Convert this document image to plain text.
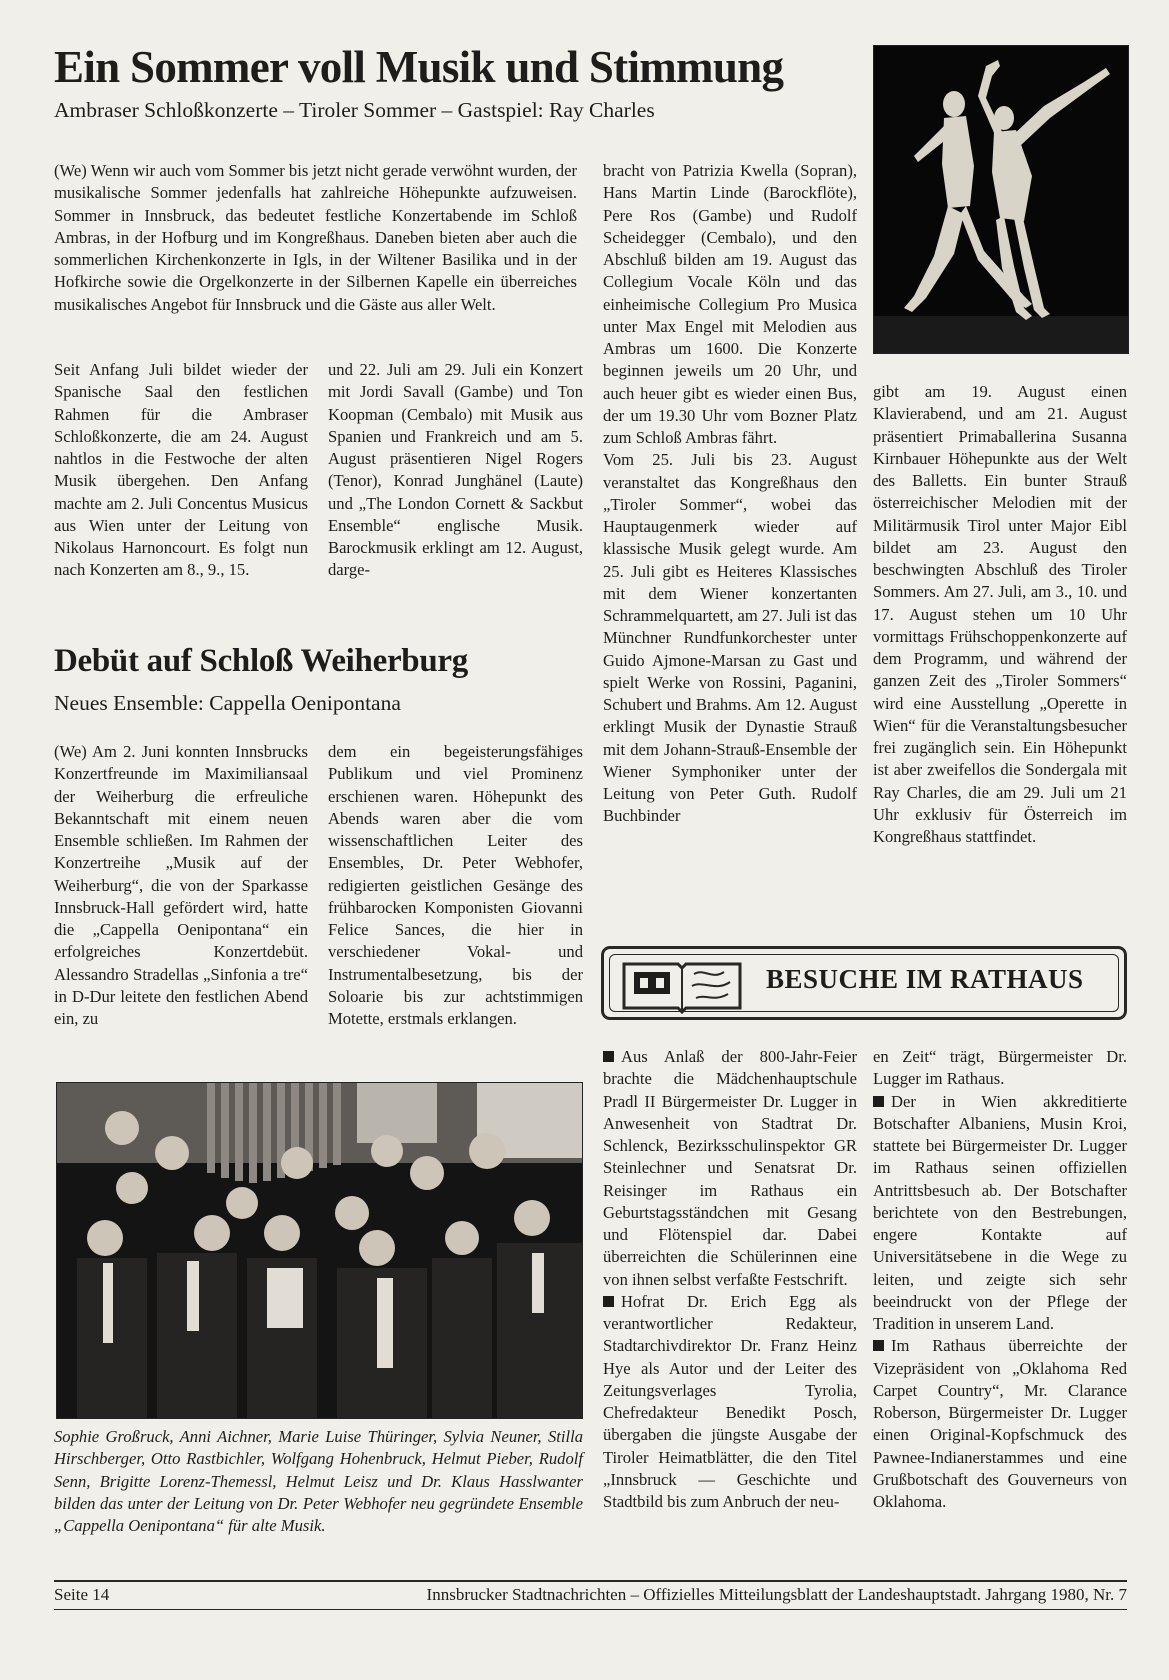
Ein Sommer voll Musik und Stimmung
Ambraser Schloßkonzerte – Tiroler Sommer – Gastspiel: Ray Charles

(We) Wenn wir auch vom Sommer bis jetzt nicht gerade verwöhnt wurden, der musikalische Sommer jedenfalls hat zahlreiche Höhepunkte aufzuweisen. Sommer in Innsbruck, das bedeutet festliche Konzertabende im Schloß Ambras, in der Hofburg und im Kongreßhaus. Daneben bieten aber auch die sommerlichen Kirchenkonzerte in Igls, in der Wiltener Basilika und in der Hofkirche sowie die Orgelkonzerte in der Silbernen Kapelle ein überreiches musikalisches Angebot für Innsbruck und die Gäste aus aller Welt.

Seit Anfang Juli bildet wieder der Spanische Saal den festlichen Rahmen für die Ambraser Schloßkonzerte, die am 24. August nahtlos in die Festwoche der alten Musik übergehen. Den Anfang machte am 2. Juli Concentus Musicus aus Wien unter der Leitung von Nikolaus Harnoncourt. Es folgt nun nach Konzerten am 8., 9., 15.

und 22. Juli am 29. Juli ein Konzert mit Jordi Savall (Gambe) und Ton Koopman (Cembalo) mit Musik aus Spanien und Frankreich und am 5. August präsentieren Nigel Rogers (Tenor), Konrad Junghänel (Laute) und „The London Cornett & Sackbut Ensemble“ englische Musik. Barockmusik erklingt am 12. August, darge-

bracht von Patrizia Kwella (Sopran), Hans Martin Linde (Barockflöte), Pere Ros (Gambe) und Rudolf Scheidegger (Cembalo), und den Abschluß bilden am 19. August das Collegium Vocale Köln und das einheimische Collegium Pro Musica unter Max Engel mit Melodien aus Ambras um 1600. Die Konzerte beginnen jeweils um 20 Uhr, und auch heuer gibt es wieder einen Bus, der um 19.30 Uhr vom Bozner Platz zum Schloß Ambras fährt.

Vom 25. Juli bis 23. August veranstaltet das Kongreßhaus den „Tiroler Sommer“, wobei das Hauptaugenmerk wieder auf klassische Musik gelegt wurde. Am 25. Juli gibt es Heiteres Klassisches mit dem Wiener konzertanten Schrammelquartett, am 27. Juli ist das Münchner Rundfunkorchester unter Guido Ajmone-Marsan zu Gast und spielt Werke von Rossini, Paganini, Schubert und Brahms. Am 12. August erklingt Musik der Dynastie Strauß mit dem Johann-Strauß-Ensemble der Wiener Symphoniker unter der Leitung von Peter Guth. Rudolf Buchbinder

gibt am 19. August einen Klavierabend, und am 21. August präsentiert Primaballerina Susanna Kirnbauer Höhepunkte aus der Welt des Balletts. Ein bunter Strauß österreichischer Melodien mit der Militärmusik Tirol unter Major Eibl bildet am 23. August den beschwingten Abschluß des Tiroler Sommers. Am 27. Juli, am 3., 10. und 17. August stehen um 10 Uhr vormittags Frühschoppenkonzerte auf dem Programm, und während der ganzen Zeit des „Tiroler Sommers“ wird eine Ausstellung „Operette in Wien“ für die Veranstaltungsbesucher frei zugänglich sein. Ein Höhepunkt ist aber zweifellos die Sondergala mit Ray Charles, die am 29. Juli um 21 Uhr exklusiv für Österreich im Kongreßhaus stattfindet.

Debüt auf Schloß Weiherburg
Neues Ensemble: Cappella Oenipontana

(We) Am 2. Juni konnten Innsbrucks Konzertfreunde im Maximiliansaal der Weiherburg die erfreuliche Bekanntschaft mit einem neuen Ensemble schließen. Im Rahmen der Konzertreihe „Musik auf der Weiherburg“, die von der Sparkasse Innsbruck-Hall gefördert wird, hatte die „Cappella Oenipontana“ ein erfolgreiches Konzertdebüt. Alessandro Stradellas „Sinfonia a tre“ in D-Dur leitete den festlichen Abend ein, zu

dem ein begeisterungsfähiges Publikum und viel Prominenz erschienen waren. Höhepunkt des Abends waren aber die vom wissenschaftlichen Leiter des Ensembles, Dr. Peter Webhofer, redigierten geistlichen Gesänge des frühbarocken Komponisten Giovanni Felice Sances, die hier in verschiedener Vokal- und Instrumentalbesetzung, bis der Soloarie bis zur achtstimmigen Motette, erstmals erklangen.

Sophie Großruck, Anni Aichner, Marie Luise Thüringer, Sylvia Neuner, Stilla Hirschberger, Otto Rastbichler, Wolfgang Hohenbruck, Helmut Pieber, Rudolf Senn, Brigitte Lorenz-Themessl, Helmut Leisz und Dr. Klaus Hasslwanter bilden das unter der Leitung von Dr. Peter Webhofer neu gegründete Ensemble „Cappella Oenipontana“ für alte Musik.
BESUCHE IM RATHAUS

Aus Anlaß der 800-Jahr-Feier brachte die Mädchenhauptschule Pradl II Bürgermeister Dr. Lugger in Anwesenheit von Stadtrat Dr. Schlenck, Bezirksschulinspektor GR Steinlechner und Senatsrat Dr. Reisinger im Rathaus ein Geburtstagsständchen mit Gesang und Flötenspiel dar. Dabei überreichten die Schülerinnen eine von ihnen selbst verfaßte Festschrift.

Hofrat Dr. Erich Egg als verantwortlicher Redakteur, Stadtarchivdirektor Dr. Franz Heinz Hye als Autor und der Leiter des Zeitungsverlages Tyrolia, Chefredakteur Benedikt Posch, übergaben die jüngste Ausgabe der Tiroler Heimatblätter, die den Titel „Innsbruck — Geschichte und Stadtbild bis zum Anbruch der neu-

en Zeit“ trägt, Bürgermeister Dr. Lugger im Rathaus.

Der in Wien akkreditierte Botschafter Albaniens, Musin Kroi, stattete bei Bürgermeister Dr. Lugger im Rathaus seinen offiziellen Antrittsbesuch ab. Der Botschafter berichtete von den Bestrebungen, engere Kontakte auf Universitätsebene in die Wege zu leiten, und zeigte sich sehr beeindruckt von der Pflege der Tradition in unserem Land.

Im Rathaus überreichte der Vizepräsident von „Oklahoma Red Carpet Country“, Mr. Clarance Roberson, Bürgermeister Dr. Lugger einen Original-Kopfschmuck des Pawnee-Indianerstammes und eine Grußbotschaft des Gouverneurs von Oklahoma.

Seite 14	Innsbrucker Stadtnachrichten – Offizielles Mitteilungsblatt der Landeshauptstadt. Jahrgang 1980, Nr. 7
